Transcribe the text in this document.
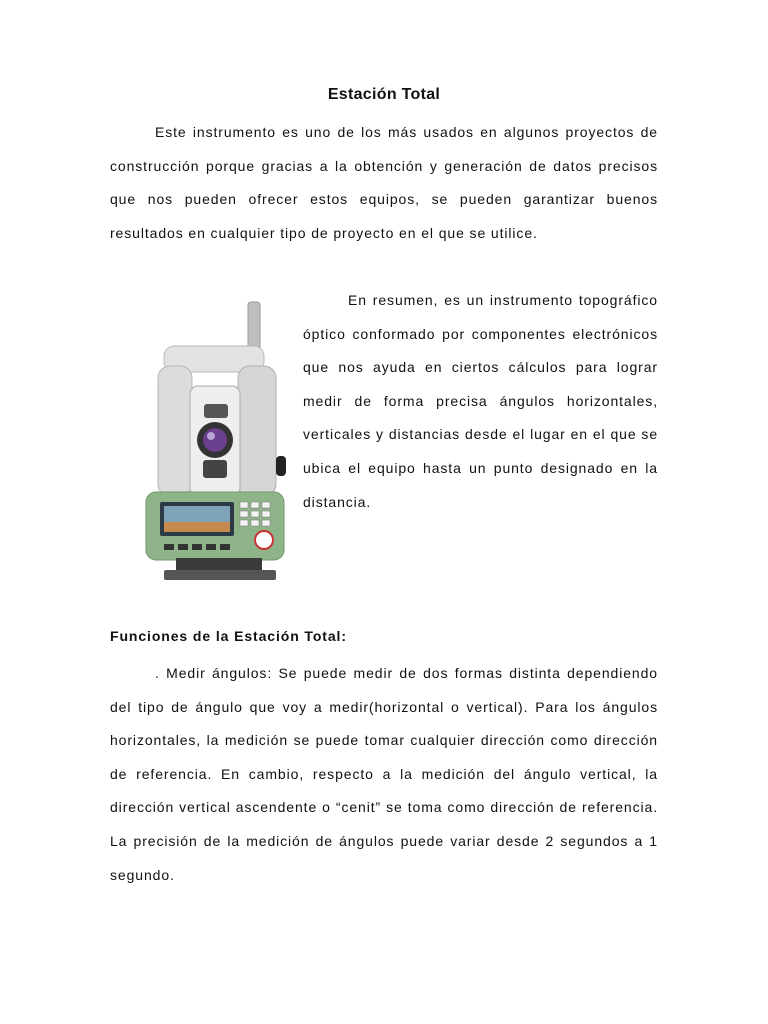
Estación Total

Este instrumento es uno de los más usados en algunos proyectos de construcción porque gracias a la obtención y generación de datos precisos que nos pueden ofrecer estos equipos, se pueden garantizar buenos resultados en cualquier tipo de proyecto en el que se utilice.

En resumen, es un instrumento topográfico óptico conformado por componentes electrónicos que nos ayuda en ciertos cálculos para lograr medir de forma precisa ángulos horizontales, verticales y distancias desde el lugar en el que se ubica el equipo hasta un punto designado en la distancia.

Funciones de la Estación Total:

. Medir ángulos: Se puede medir de dos formas distinta dependiendo del tipo de ángulo que voy a medir(horizontal o vertical). Para los ángulos horizontales, la medición se puede tomar cualquier dirección como dirección de referencia. En cambio, respecto a la medición del ángulo vertical, la dirección vertical ascendente o “cenit” se toma como dirección de referencia. La precisión de la medición de ángulos puede variar desde 2 segundos a 1 segundo.
